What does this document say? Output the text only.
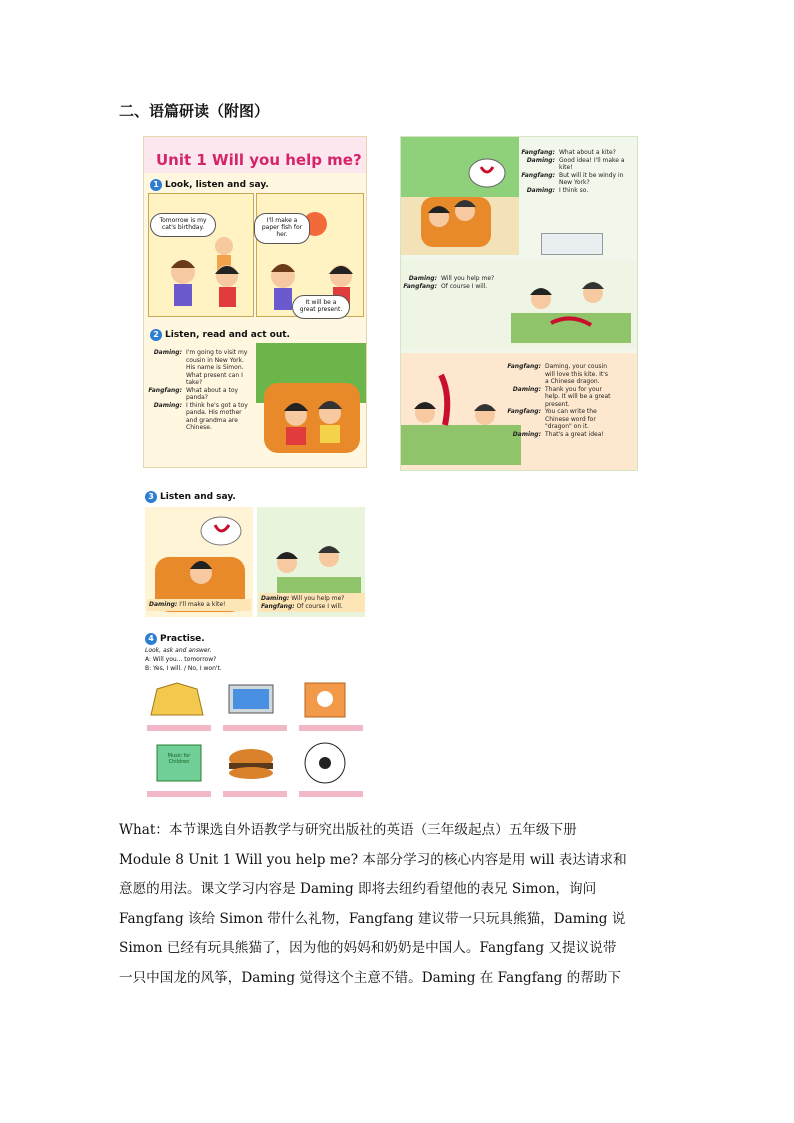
二、语篇研读（附图）
Unit 1 Will you help me?
1 Look, listen and say.
Tomorrow is my cat's birthday.
I'll make a paper fish for her.
It will be a great present.
2 Listen, read and act out.
Daming: I'm going to visit my cousin in New York. His name is Simon. What present can I take?
Fangfang: What about a toy panda?
Daming: I think he's got a toy panda. His mother and grandma are Chinese.
Fangfang: What about a kite?
Daming: Good idea! I'll make a kite!
Fangfang: But will it be windy in New York?
Daming: I think so.
Daming: Will you help me?
Fangfang: Of course I will.
Fangfang: Daming, your cousin will love this kite. It's a Chinese dragon.
Daming: Thank you for your help. It will be a great present.
Fangfang: You can write the Chinese word for "dragon" on it.
Daming: That's a great idea!
3 Listen and say.
Daming: I'll make a kite!
Daming: Will you help me?
Fangfang: Of course I will.
4 Practise.
Look, ask and answer.
A: Will you... tomorrow?
B: Yes, I will. / No, I won't.
Music for Children
What：本节课选自外语教学与研究出版社的英语（三年级起点）五年级下册
Module 8 Unit 1 Will you help me? 本部分学习的核心内容是用 will 表达请求和
意愿的用法。课文学习内容是 Daming 即将去纽约看望他的表兄 Simon，询问
Fangfang 该给 Simon 带什么礼物，Fangfang 建议带一只玩具熊猫，Daming 说
Simon 已经有玩具熊猫了，因为他的妈妈和奶奶是中国人。Fangfang 又提议说带
一只中国龙的风筝，Daming 觉得这个主意不错。Daming 在 Fangfang 的帮助下
